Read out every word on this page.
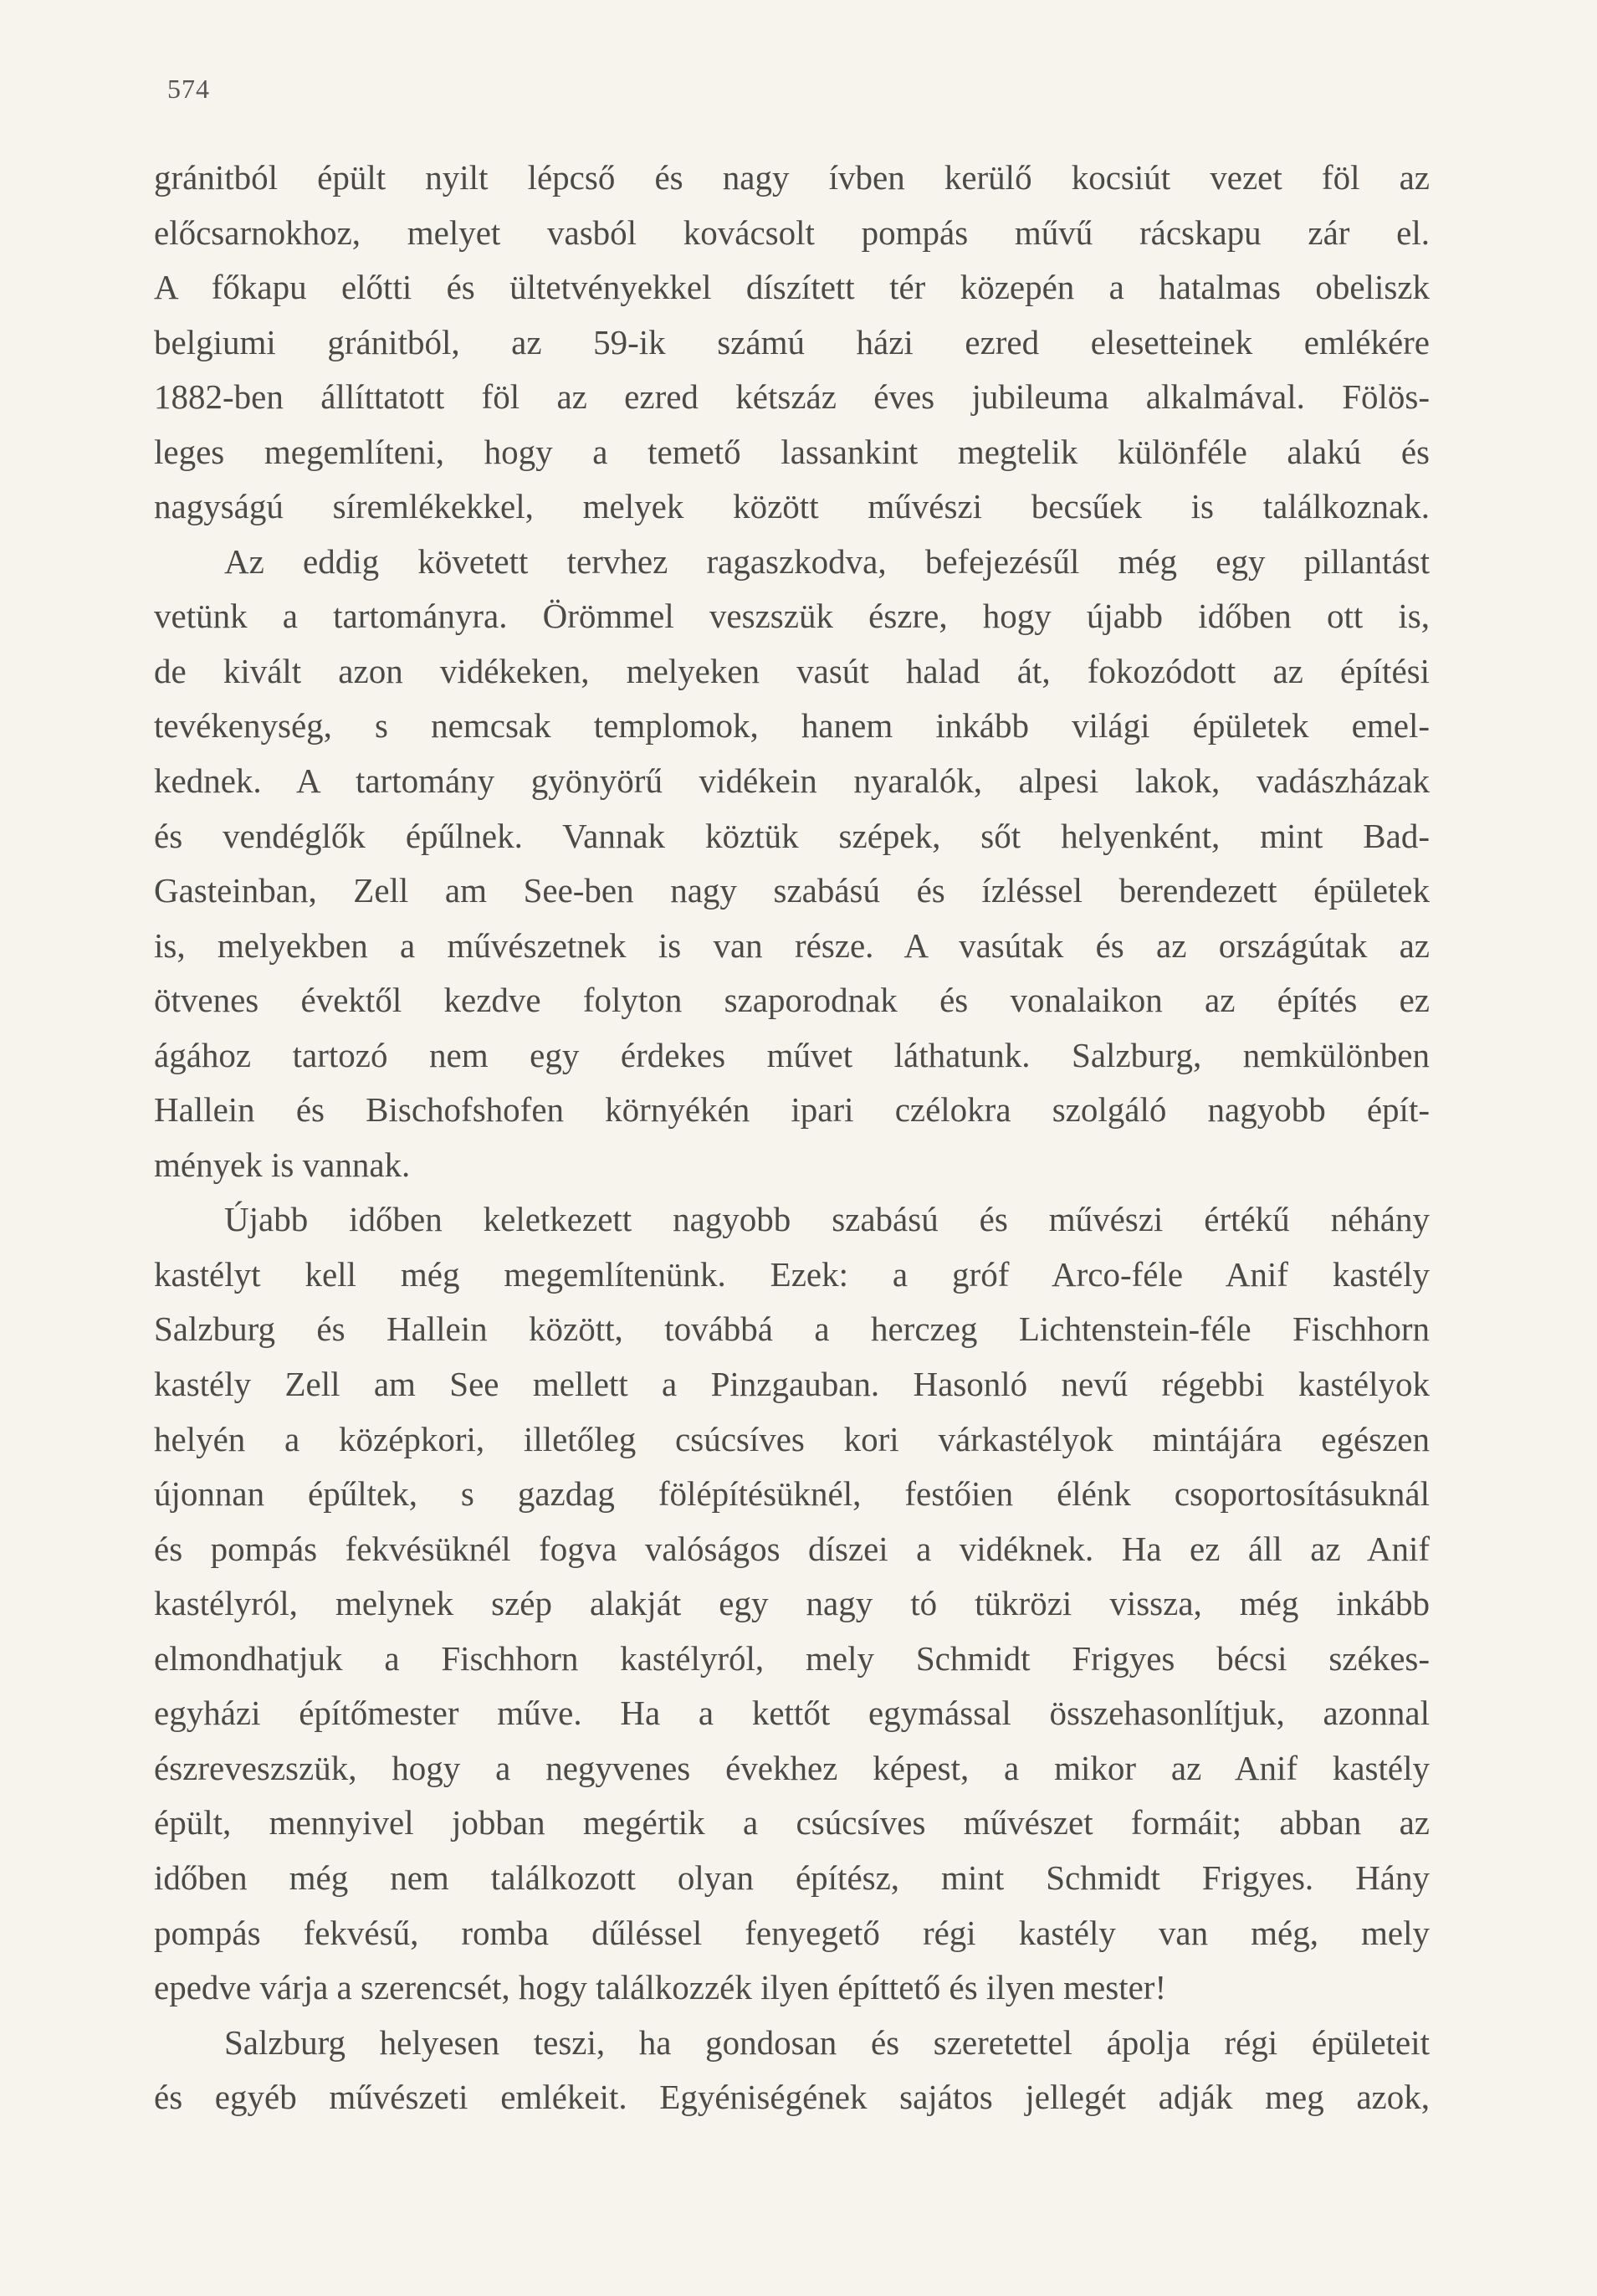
574
gránitból épült nyilt lépcső és nagy ívben kerülő kocsiút vezet föl az
előcsarnokhoz, melyet vasból kovácsolt pompás művű rácskapu zár el.
A főkapu előtti és ültetvényekkel díszített tér közepén a hatalmas obeliszk
belgiumi gránitból, az 59-ik számú házi ezred elesetteinek emlékére
1882-ben állíttatott föl az ezred kétszáz éves jubileuma alkalmával. Fölös-
leges megemlíteni, hogy a temető lassankint megtelik különféle alakú és
nagyságú síremlékekkel, melyek között művészi becsűek is találkoznak.
Az eddig követett tervhez ragaszkodva, befejezésűl még egy pillantást
vetünk a tartományra. Örömmel veszszük észre, hogy újabb időben ott is,
de kivált azon vidékeken, melyeken vasút halad át, fokozódott az építési
tevékenység, s nemcsak templomok, hanem inkább világi épületek emel-
kednek. A tartomány gyönyörű vidékein nyaralók, alpesi lakok, vadászházak
és vendéglők épűlnek. Vannak köztük szépek, sőt helyenként, mint Bad-
Gasteinban, Zell am See-ben nagy szabású és ízléssel berendezett épületek
is, melyekben a művészetnek is van része. A vasútak és az országútak az
ötvenes évektől kezdve folyton szaporodnak és vonalaikon az építés ez
ágához tartozó nem egy érdekes művet láthatunk. Salzburg, nemkülönben
Hallein és Bischofshofen környékén ipari czélokra szolgáló nagyobb épít-
mények is vannak.
Újabb időben keletkezett nagyobb szabású és művészi értékű néhány
kastélyt kell még megemlítenünk. Ezek: a gróf Arco-féle Anif kastély
Salzburg és Hallein között, továbbá a herczeg Lichtenstein-féle Fischhorn
kastély Zell am See mellett a Pinzgauban. Hasonló nevű régebbi kastélyok
helyén a középkori, illetőleg csúcsíves kori várkastélyok mintájára egészen
újonnan épűltek, s gazdag fölépítésüknél, festőien élénk csoportosításuknál
és pompás fekvésüknél fogva valóságos díszei a vidéknek. Ha ez áll az Anif
kastélyról, melynek szép alakját egy nagy tó tükrözi vissza, még inkább
elmondhatjuk a Fischhorn kastélyról, mely Schmidt Frigyes bécsi székes-
egyházi építőmester műve. Ha a kettőt egymással összehasonlítjuk, azonnal
észreveszszük, hogy a negyvenes évekhez képest, a mikor az Anif kastély
épült, mennyivel jobban megértik a csúcsíves művészet formáit; abban az
időben még nem találkozott olyan építész, mint Schmidt Frigyes. Hány
pompás fekvésű, romba dűléssel fenyegető régi kastély van még, mely
epedve várja a szerencsét, hogy találkozzék ilyen építtető és ilyen mester!
Salzburg helyesen teszi, ha gondosan és szeretettel ápolja régi épületeit
és egyéb művészeti emlékeit. Egyéniségének sajátos jellegét adják meg azok,
